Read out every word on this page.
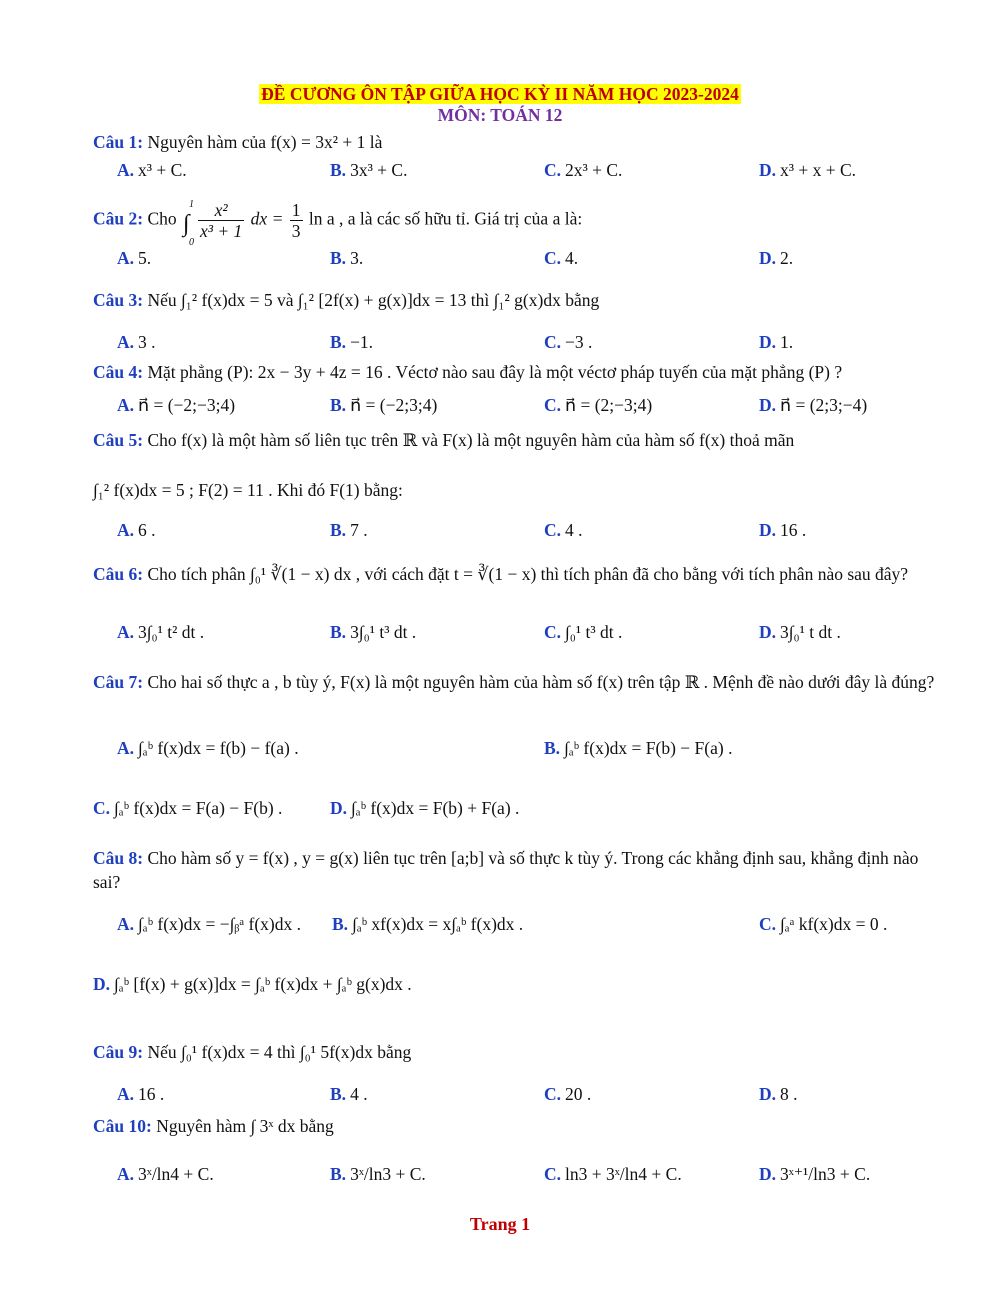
ĐỀ CƯƠNG ÔN TẬP GIỮA HỌC KỲ II NĂM HỌC 2023-2024
MÔN: TOÁN 12
Câu 1: Nguyên hàm của f(x) = 3x² + 1 là
A. x³ + C.	B. 3x³ + C.	C. 2x³ + C.	D. x³ + x + C.
Câu 2: Cho ∫
1
0

$\frac{\text{x²}}{\text{x³ + 1}}$ dx = $\frac{1}{3}$ ln a , a là các số hữu tỉ. Giá trị của a là:
A. 5.	B. 3.	C. 4.	D. 2.
Câu 3: Nếu ∫₁² f(x)dx = 5 và ∫₁² [2f(x) + g(x)]dx = 13 thì ∫₁² g(x)dx bằng
A. 3 .	B. −1.	C. −3 .	D. 1.
Câu 4: Mặt phẳng (P): 2x − 3y + 4z = 16 . Véctơ nào sau đây là một véctơ pháp tuyến của mặt phẳng (P) ?
A. n⃗ = (−2;−3;4)	B. n⃗ = (−2;3;4)	C. n⃗ = (2;−3;4)	D. n⃗ = (2;3;−4)
Câu 5: Cho f(x) là một hàm số liên tục trên ℝ và F(x) là một nguyên hàm của hàm số f(x) thoả mãn
∫₁² f(x)dx = 5 ; F(2) = 11 . Khi đó F(1) bằng:
A. 6 .	B. 7 .	C. 4 .	D. 16 .
Câu 6: Cho tích phân ∫₀¹ ∛(1 − x) dx , với cách đặt t = ∛(1 − x) thì tích phân đã cho bằng với tích phân nào sau đây?
A. 3∫₀¹ t² dt .	B. 3∫₀¹ t³ dt .	C. ∫₀¹ t³ dt .	D. 3∫₀¹ t dt .
Câu 7: Cho hai số thực a , b tùy ý, F(x) là một nguyên hàm của hàm số f(x) trên tập ℝ . Mệnh đề nào dưới đây là đúng?
A. ∫ₐᵇ f(x)dx = f(b) − f(a) .	B. ∫ₐᵇ f(x)dx = F(b) − F(a) .
C. ∫ₐᵇ f(x)dx = F(a) − F(b) .	D. ∫ₐᵇ f(x)dx = F(b) + F(a) .
Câu 8: Cho hàm số y = f(x) , y = g(x) liên tục trên [a;b] và số thực k tùy ý. Trong các khẳng định sau, khẳng định nào sai?
A. ∫ₐᵇ f(x)dx = −∫ᵦᵃ f(x)dx . B. ∫ₐᵇ xf(x)dx = x∫ₐᵇ f(x)dx .	C. ∫ₐᵃ kf(x)dx = 0 .
D. ∫ₐᵇ [f(x) + g(x)]dx = ∫ₐᵇ f(x)dx + ∫ₐᵇ g(x)dx .
Câu 9: Nếu ∫₀¹ f(x)dx = 4 thì ∫₀¹ 5f(x)dx bằng
A. 16 .	B. 4 .	C. 20 .	D. 8 .
Câu 10: Nguyên hàm ∫ 3ˣ dx bằng
A. 3ˣ/ln4 + C.	B. 3ˣ/ln3 + C.	C. ln3 + 3ˣ/ln4 + C.	D. 3ˣ⁺¹/ln3 + C.
Trang 1
